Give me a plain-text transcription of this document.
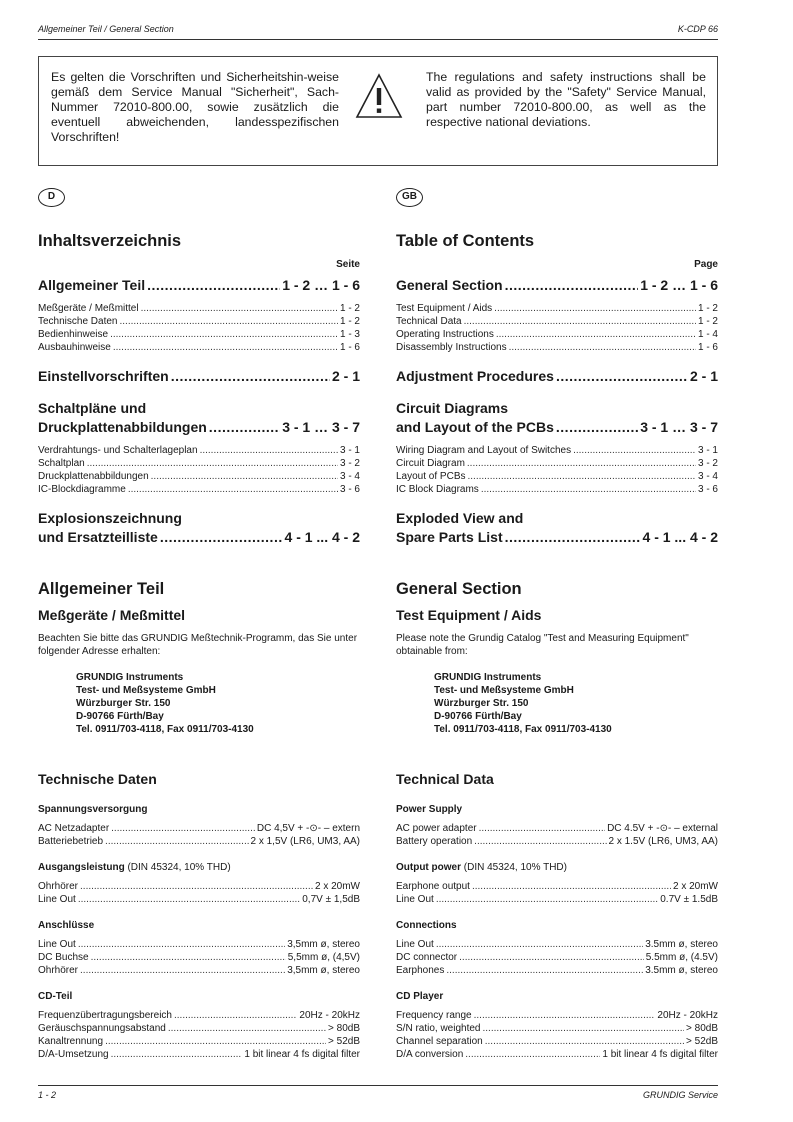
Allgemeiner Teil / General Section	K-CDP 66
Es gelten die Vorschriften und Sicherheitshin-weise gemäß dem Service Manual "Sicherheit", Sach-Nummer 72010-800.00, sowie zusätzlich die eventuell abweichenden, landesspezifischen Vorschriften!
The regulations and safety instructions shall be valid as provided by the "Safety" Service Manual, part number 72010-800.00, as well as the respective national deviations.
D
Inhaltsverzeichnis
Seite
Allgemeiner Teil .....	1 - 2 … 1 - 6
Meßgeräte / Meßmittel .....	1 - 2
Technische Daten .....	1 - 2
Bedienhinweise .....	1 - 3
Ausbauhinweise .....	1 - 6
Einstellvorschriften .....	2 - 1
Schaltpläne und
Druckplattenabbildungen .....	3 - 1 … 3 - 7
Verdrahtungs- und Schalterlageplan .....	3 - 1
Schaltplan .....	3 - 2
Druckplattenabbildungen .....	3 - 4
IC-Blockdiagramme .....	3 - 6
Explosionszeichnung
und Ersatzteilliste .....	4 - 1 ... 4 - 2
Allgemeiner Teil
Meßgeräte / Meßmittel
Beachten Sie bitte das GRUNDIG Meßtechnik-Programm, das Sie unter folgender Adresse erhalten:
GRUNDIG Instruments
Test- und Meßsysteme GmbH
Würzburger Str. 150
D-90766 Fürth/Bay
Tel. 0911/703-4118, Fax 0911/703-4130
Technische Daten
Spannungsversorgung
AC Netzadapter .....	DC 4,5V + -⊙- – extern
Batteriebetrieb .....	2 x 1,5V (LR6, UM3, AA)
Ausgangsleistung (DIN 45324, 10% THD)
Ohrhörer .....	2 x 20mW
Line Out .....	0,7V ± 1,5dB
Anschlüsse
Line Out .....	3,5mm ø, stereo
DC Buchse .....	5,5mm ø, (4,5V)
Ohrhörer .....	3,5mm ø, stereo
CD-Teil
Frequenzübertragungsbereich .....	20Hz - 20kHz
Geräuschspannungsabstand .....	> 80dB
Kanaltrennung .....	> 52dB
D/A-Umsetzung .....	1 bit linear 4 fs digital filter
GB
Table of Contents
Page
General Section .....	1 - 2 … 1 - 6
Test Equipment / Aids .....	1 - 2
Technical Data .....	1 - 2
Operating Instructions .....	1 - 4
Disassembly Instructions .....	1 - 6
Adjustment Procedures .....	2 - 1
Circuit Diagrams
and Layout of the PCBs .....	3 - 1 … 3 - 7
Wiring Diagram and Layout of Switches .....	3 - 1
Circuit Diagram .....	3 - 2
Layout of PCBs .....	3 - 4
IC Block Diagrams .....	3 - 6
Exploded View and
Spare Parts List .....	4 - 1 ... 4 - 2
General Section
Test Equipment / Aids
Please note the Grundig Catalog "Test and Measuring Equipment" obtainable from:
GRUNDIG Instruments
Test- und Meßsysteme GmbH
Würzburger Str. 150
D-90766 Fürth/Bay
Tel. 0911/703-4118, Fax 0911/703-4130
Technical Data
Power Supply
AC power adapter .....	DC 4.5V + -⊙- – external
Battery operation .....	2 x 1.5V (LR6, UM3, AA)
Output power (DIN 45324, 10% THD)
Earphone output .....	2 x 20mW
Line Out .....	0.7V ± 1.5dB
Connections
Line Out .....	3.5mm ø, stereo
DC connector .....	5.5mm ø, (4.5V)
Earphones .....	3.5mm ø, stereo
CD Player
Frequency range .....	20Hz - 20kHz
S/N ratio, weighted .....	> 80dB
Channel separation .....	> 52dB
D/A conversion .....	1 bit linear 4 fs digital filter
1 - 2	GRUNDIG Service
